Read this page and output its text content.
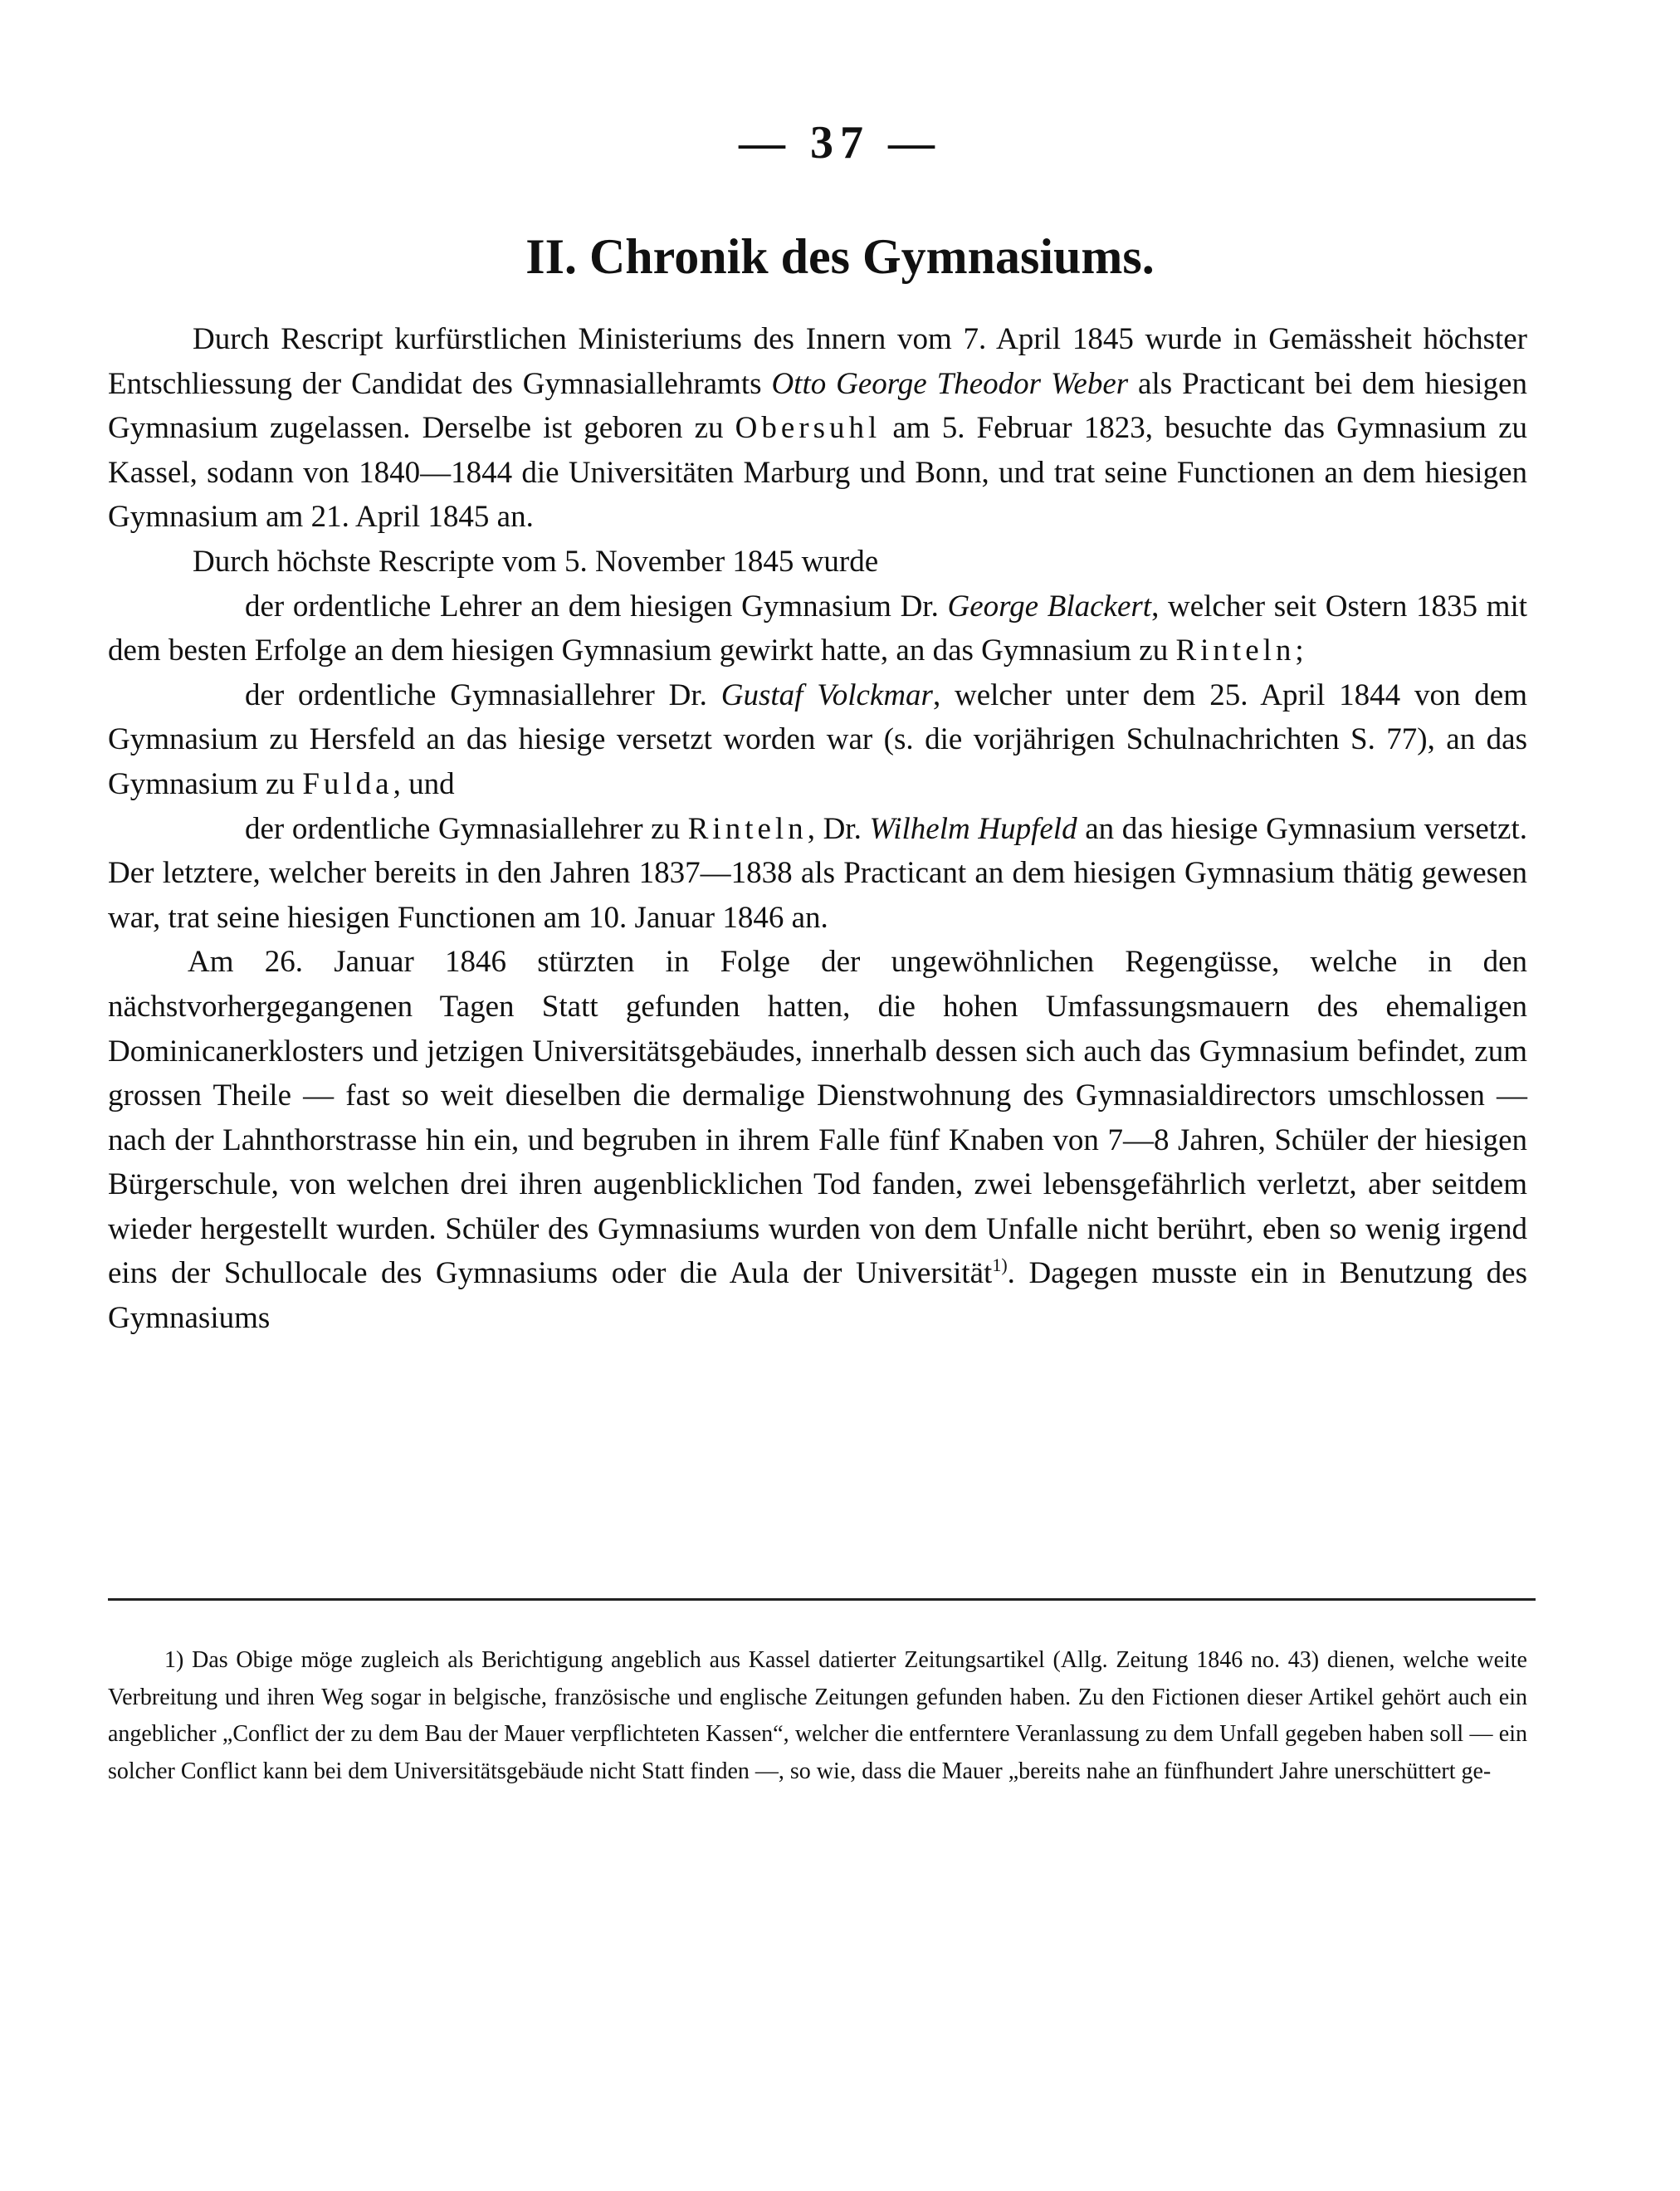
— 37 —
II. Chronik des Gymnasiums.

Durch Rescript kurfürstlichen Ministeriums des Innern vom 7. April 1845 wurde in Gemässheit höchster Entschliessung der Candidat des Gymnasiallehramts Otto George Theodor Weber als Practicant bei dem hiesigen Gymnasium zugelassen. Derselbe ist geboren zu Obersuhl am 5. Februar 1823, besuchte das Gymnasium zu Kassel, sodann von 1840—1844 die Universitäten Marburg und Bonn, und trat seine Functionen an dem hiesigen Gymnasium am 21. April 1845 an.

Durch höchste Rescripte vom 5. November 1845 wurde

der ordentliche Lehrer an dem hiesigen Gymnasium Dr. George Blackert, welcher seit Ostern 1835 mit dem besten Erfolge an dem hiesigen Gymnasium gewirkt hatte, an das Gymnasium zu Rinteln;

der ordentliche Gymnasiallehrer Dr. Gustaf Volckmar, welcher unter dem 25. April 1844 von dem Gymnasium zu Hersfeld an das hiesige versetzt worden war (s. die vorjährigen Schulnachrichten S. 77), an das Gymnasium zu Fulda, und

der ordentliche Gymnasiallehrer zu Rinteln, Dr. Wilhelm Hupfeld an das hiesige Gymnasium versetzt. Der letztere, welcher bereits in den Jahren 1837—1838 als Practicant an dem hiesigen Gymnasium thätig gewesen war, trat seine hiesigen Functionen am 10. Januar 1846 an.

Am 26. Januar 1846 stürzten in Folge der ungewöhnlichen Regengüsse, welche in den nächstvorhergegangenen Tagen Statt gefunden hatten, die hohen Umfassungsmauern des ehemaligen Dominicanerklosters und jetzigen Universitätsgebäudes, innerhalb dessen sich auch das Gymnasium befindet, zum grossen Theile — fast so weit dieselben die dermalige Dienstwohnung des Gymnasialdirectors umschlossen — nach der Lahnthorstrasse hin ein, und begruben in ihrem Falle fünf Knaben von 7—8 Jahren, Schüler der hiesigen Bürgerschule, von welchen drei ihren augenblicklichen Tod fanden, zwei lebensgefährlich verletzt, aber seitdem wieder hergestellt wurden. Schüler des Gymnasiums wurden von dem Unfalle nicht berührt, eben so wenig irgend eins der Schullocale des Gymnasiums oder die Aula der Universität$^{1)}$. Dagegen musste ein in Benutzung des Gymnasiums

1) Das Obige möge zugleich als Berichtigung angeblich aus Kassel datierter Zeitungsartikel (Allg. Zeitung 1846 no. 43) dienen, welche weite Verbreitung und ihren Weg sogar in belgische, französische und englische Zeitungen gefunden haben. Zu den Fictionen dieser Artikel gehört auch ein angeblicher „Conflict der zu dem Bau der Mauer verpflichteten Kassen“, welcher die entferntere Veranlassung zu dem Unfall gegeben haben soll — ein solcher Conflict kann bei dem Universitätsgebäude nicht Statt finden —, so wie, dass die Mauer „bereits nahe an fünfhundert Jahre unerschüttert ge-
